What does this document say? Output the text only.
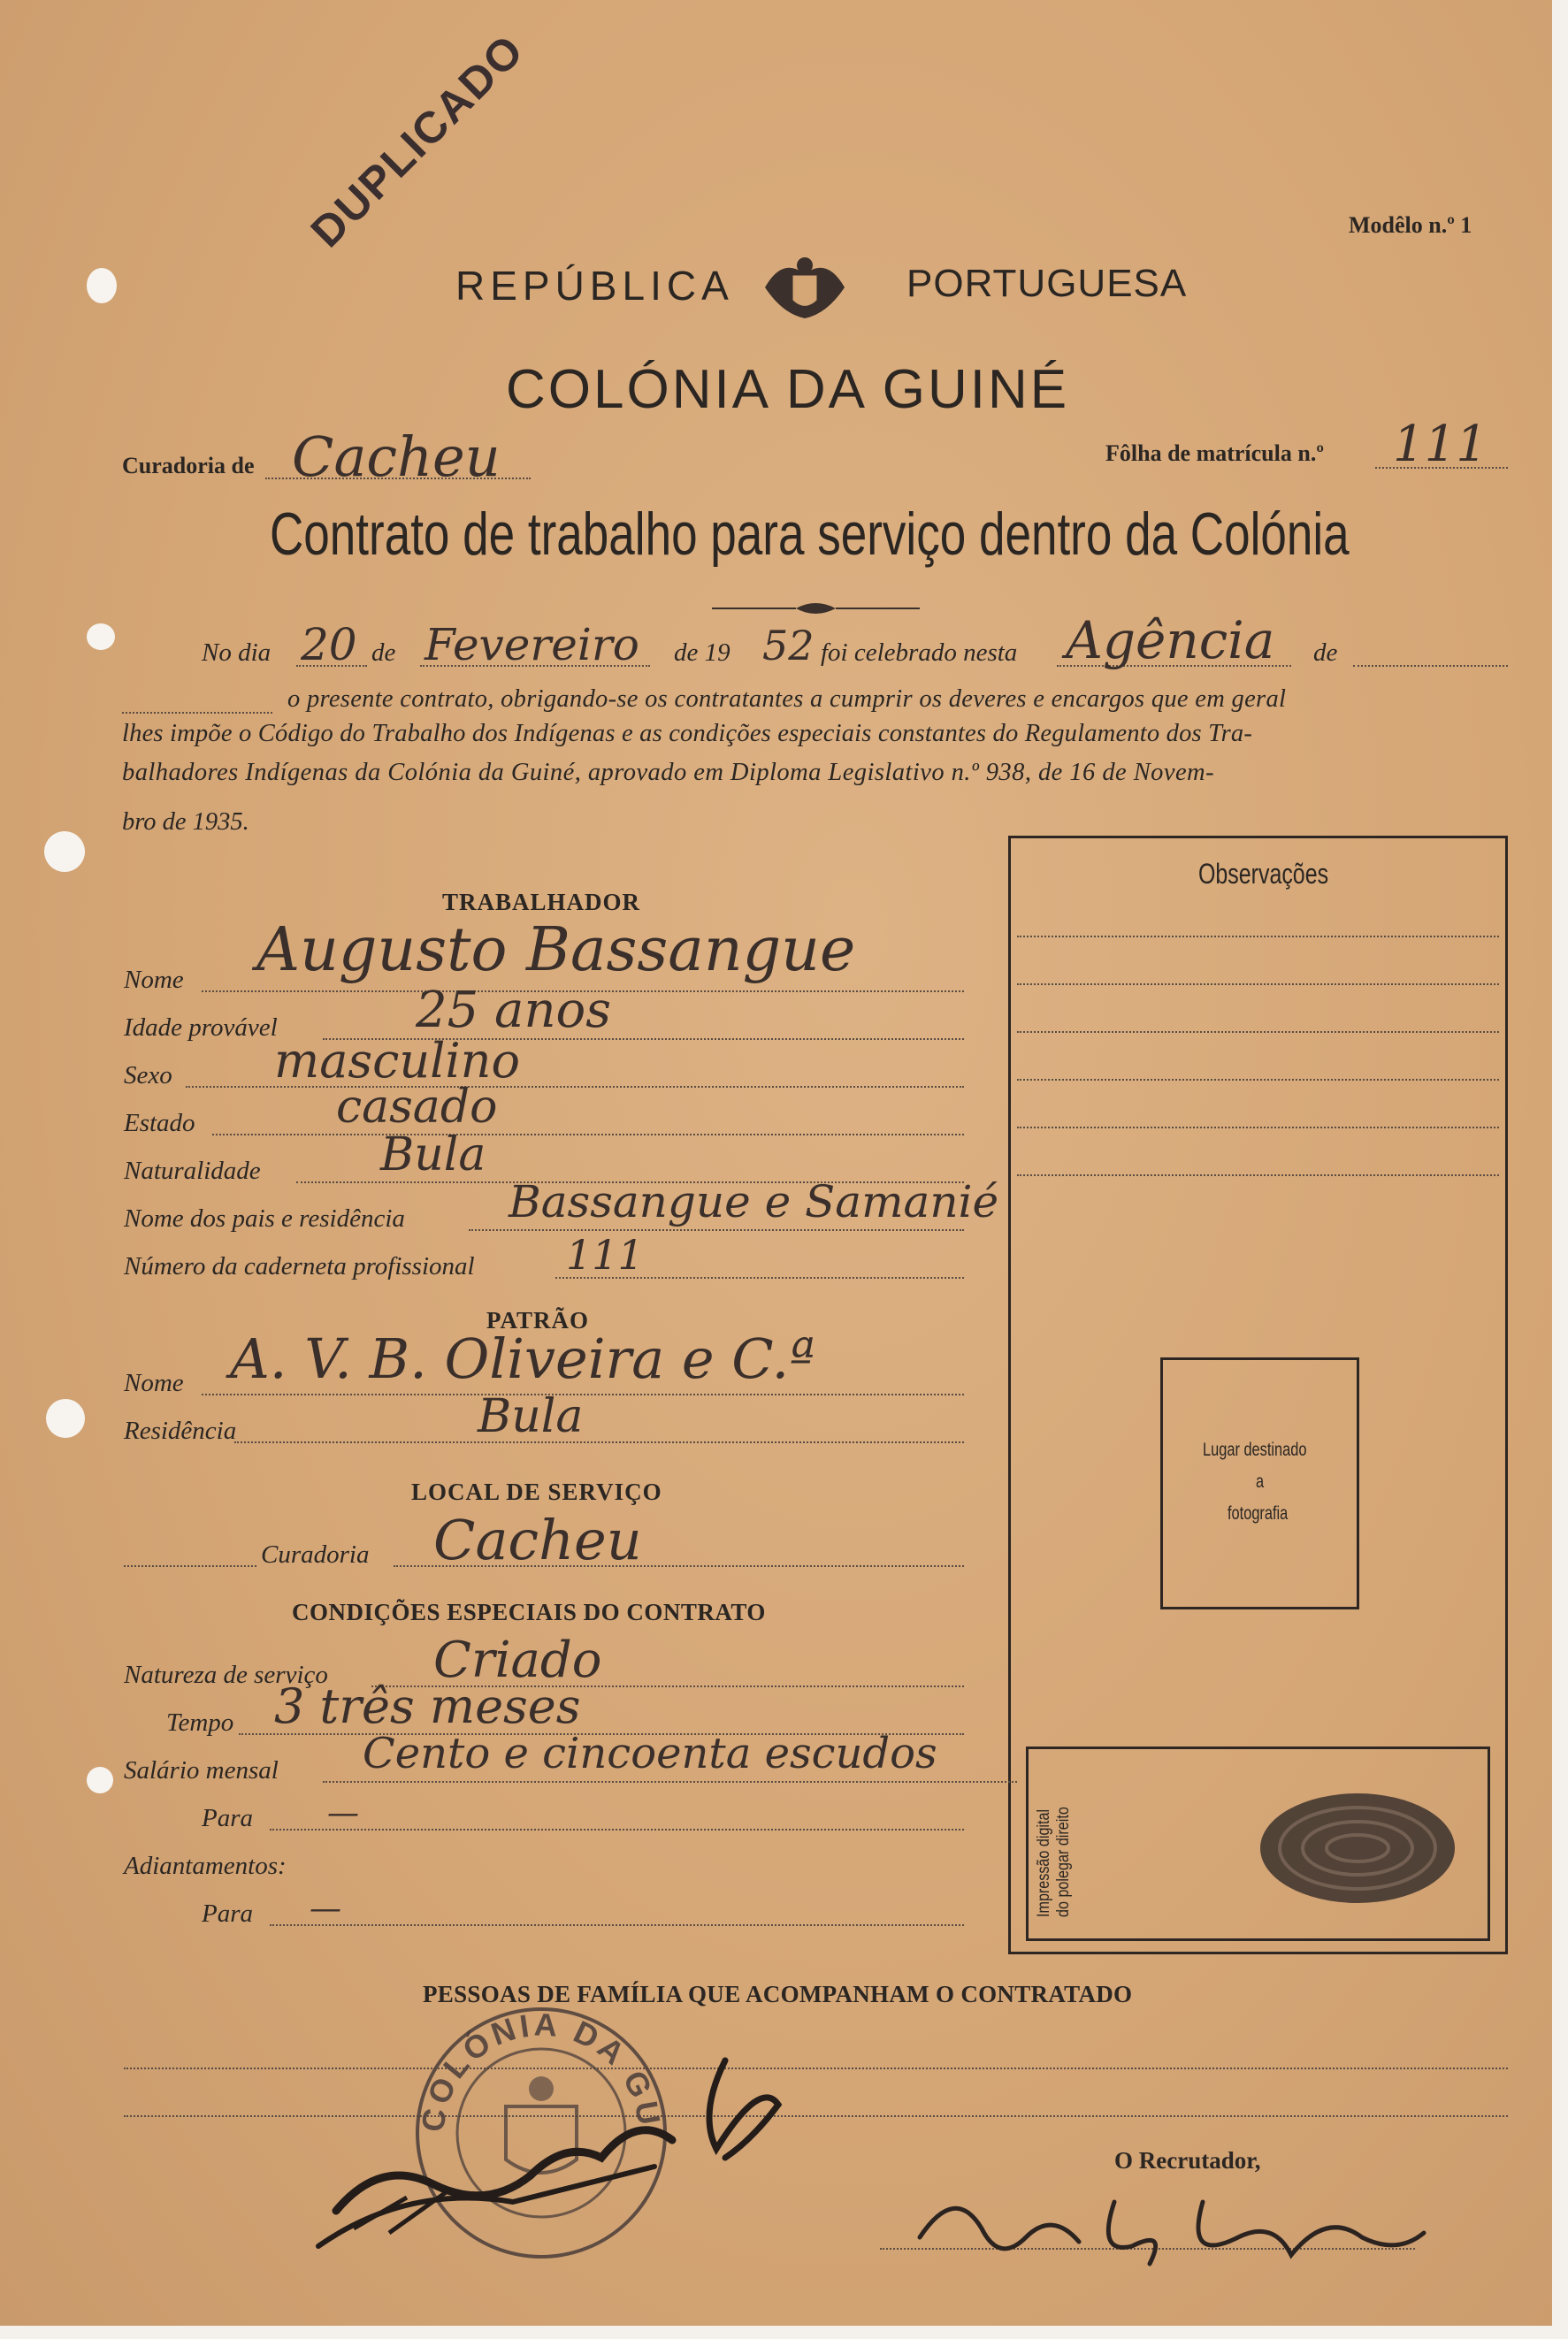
DUPLICADO	Modêlo n.º 1
REPÚBLICA	PORTUGUESA
COLÓNIA DA GUINÉ
Curadoria de Cacheu	Fôlha de matrícula n.º 111
Contrato de trabalho para serviço dentro da Colónia
No dia 20 de Fevereiro de 19 52 foi celebrado nesta Agência de
o presente contrato, obrigando-se os contratantes a cumprir os deveres e encargos que em geral
lhes impõe o Código do Trabalho dos Indígenas e as condições especiais constantes do Regulamento dos Tra-
balhadores Indígenas da Colónia da Guiné, aprovado em Diploma Legislativo n.º 938, de 16 de Novem-
bro de 1935.
Observações
Lugar destinado
a
fotografia
Impressão digital do polegar direito
TRABALHADOR
Nome Augusto Bassangue
Idade provável	25 anos
Sexo masculino
Estado	casado
Naturalidade	Bula
Nome dos pais e residência Bassangue e Samanié
Número da caderneta profissional 111
PATRÃO
Nome A. V. B. Oliveira e C.ª
Residência	Bula
LOCAL DE SERVIÇO
Curadoria Cacheu
CONDIÇÕES ESPECIAIS DO CONTRATO
Natureza de serviço Criado
Tempo 3 três meses
Salário mensal Cento e cincoenta escudos
Para —
Adiantamentos:
Para —
PESSOAS DE FAMÍLIA QUE ACOMPANHAM O CONTRATADO
COLÓNIA DA GU
O Recrutador,
